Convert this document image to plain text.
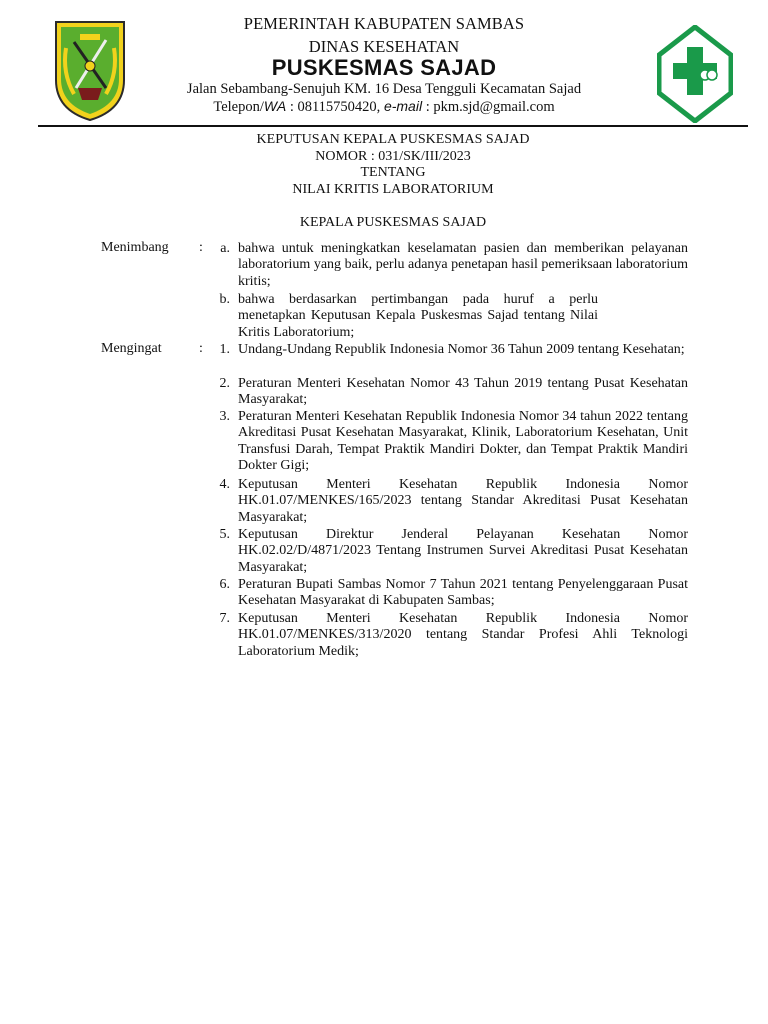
PEMERINTAH KABUPATEN SAMBAS
DINAS KESEHATAN
PUSKESMAS SAJAD
Jalan Sebambang-Senujuh KM. 16 Desa Tengguli Kecamatan Sajad
Telepon/WA : 08115750420, e-mail : pkm.sjd@gmail.com
KEPUTUSAN KEPALA PUSKESMAS SAJAD
NOMOR : 031/SK/III/2023
TENTANG
NILAI KRITIS LABORATORIUM
KEPALA PUSKESMAS SAJAD
Menimbang :	a. bahwa untuk meningkatkan keselamatan pasien dan memberikan pelayanan laboratorium yang baik, perlu adanya penetapan hasil pemeriksaan laboratorium kritis;
b. bahwa berdasarkan pertimbangan pada huruf a perlu menetapkan Keputusan Kepala Puskesmas Sajad tentang Nilai Kritis Laboratorium;
Mengingat	:	1. Undang-Undang Republik Indonesia Nomor 36 Tahun 2009 tentang Kesehatan;
2. Peraturan Menteri Kesehatan Nomor 43 Tahun 2019 tentang Pusat Kesehatan Masyarakat;
3. Peraturan Menteri Kesehatan Republik Indonesia Nomor 34 tahun 2022 tentang Akreditasi Pusat Kesehatan Masyarakat, Klinik, Laboratorium Kesehatan, Unit Transfusi Darah, Tempat Praktik Mandiri Dokter, dan Tempat Praktik Mandiri Dokter Gigi;
4. Keputusan Menteri Kesehatan Republik Indonesia Nomor HK.01.07/MENKES/165/2023 tentang Standar Akreditasi Pusat Kesehatan Masyarakat;
5. Keputusan Direktur Jenderal Pelayanan Kesehatan Nomor HK.02.02/D/4871/2023 Tentang Instrumen Survei Akreditasi Pusat Kesehatan Masyarakat;
6. Peraturan Bupati Sambas Nomor 7 Tahun 2021 tentang Penyelenggaraan Pusat Kesehatan Masyarakat di Kabupaten Sambas;
7. Keputusan Menteri Kesehatan Republik Indonesia Nomor HK.01.07/MENKES/313/2020 tentang Standar Profesi Ahli Teknologi Laboratorium Medik;
